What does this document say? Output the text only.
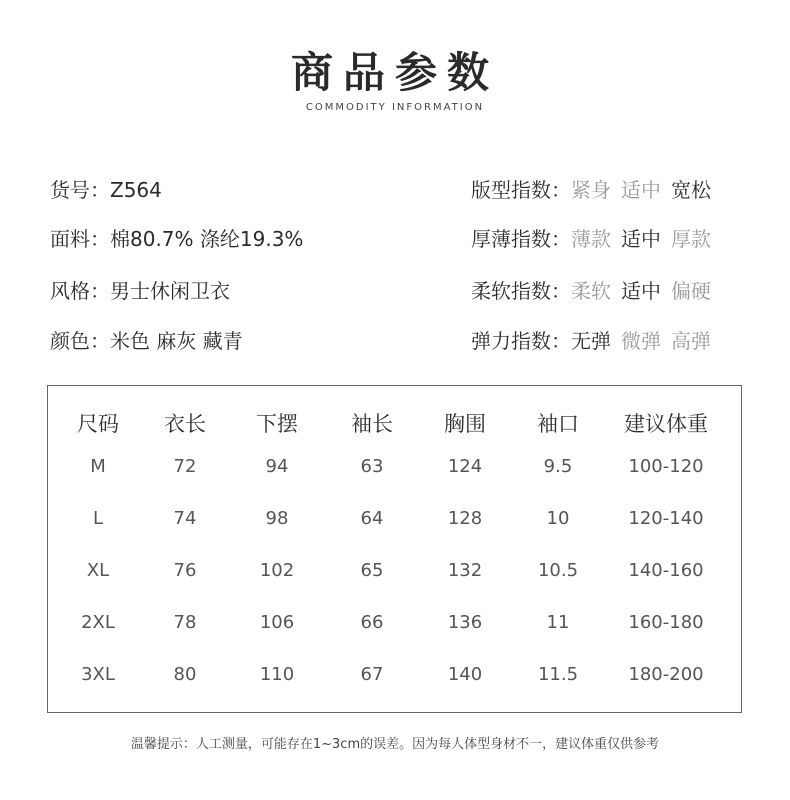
商品参数
COMMODITY INFORMATION
货号：Z564
面料：棉80.7% 涤纶19.3%
风格：男士休闲卫衣
颜色：米色 麻灰 藏青
版型指数：紧身 适中 宽松
厚薄指数：薄款 适中 厚款
柔软指数：柔软 适中 偏硬
弹力指数：无弹 微弹 高弹
尺码 衣长 下摆	袖长 胸围 袖口 建议体重
M	72	94	63	124	9.5	100-120
L	74	98	64	128	10	120-140
XL	76	102	65	132	10.5	140-160
2XL	78	106	66	136	11	160-180
3XL	80	110	67	140	11.5	180-200
温馨提示：人工测量，可能存在1~3cm的误差。因为每人体型身材不一，建议体重仅供参考
